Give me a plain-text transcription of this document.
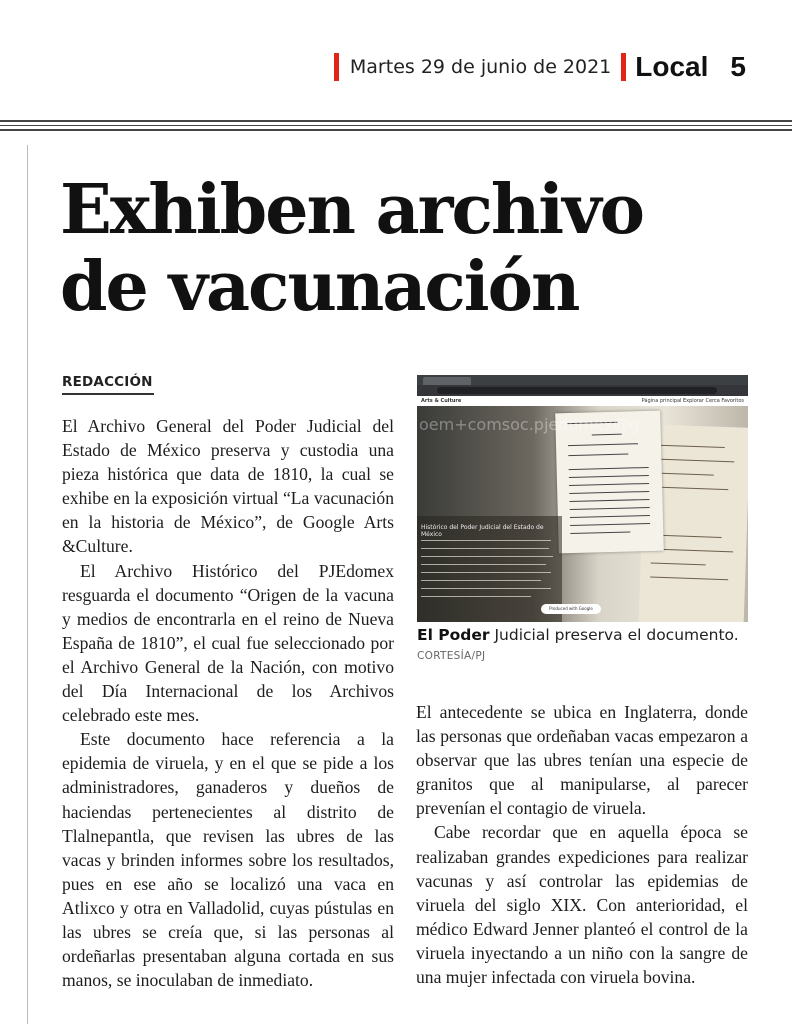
Martes 29 de junio de 2021 Local 5
Exhiben archivo
de vacunación
REDACCIÓN

El Archivo General del Poder Judicial del Estado de México preserva y custodia una pieza histórica que data de 1810, la cual se exhibe en la exposición virtual “La vacunación en la historia de México”, de Google Arts &Culture.

El Archivo Histórico del PJEdomex resguarda el documento “Origen de la vacuna y medios de encontrarla en el reino de Nueva España de 1810”, el cual fue seleccionado por el Archivo General de la Nación, con motivo del Día Internacional de los Archivos celebrado este mes.

Este documento hace referencia a la epidemia de viruela, y en el que se pide a los administradores, ganaderos y dueños de haciendas pertenecientes al distrito de Tlalnepantla, que revisen las ubres de las vacas y brinden informes sobre los resultados, pues en ese año se localizó una vaca en Atlixco y otra en Valladolid, cuyas pústulas en las ubres se creía que, si las personas al ordeñarlas presentaban alguna cortada en sus manos, se inoculaban de inmediato.

Arts & Culture	Página principal Explorar Cerca Favoritos
Histórico del Poder Judicial del Estado de México
Produced with Google
oem+comsoc.pjedomex@g
El Poder Judicial preserva el documento.
CORTESÍA/PJ

El antecedente se ubica en Inglaterra, donde las personas que ordeñaban vacas empezaron a observar que las ubres tenían una especie de granitos que al manipularse, al parecer prevenían el contagio de viruela.

Cabe recordar que en aquella época se realizaban grandes expediciones para realizar vacunas y así controlar las epidemias de viruela del siglo XIX. Con anterioridad, el médico Edward Jenner planteó el control de la viruela inyectando a un niño con la sangre de una mujer infectada con viruela bovina.
